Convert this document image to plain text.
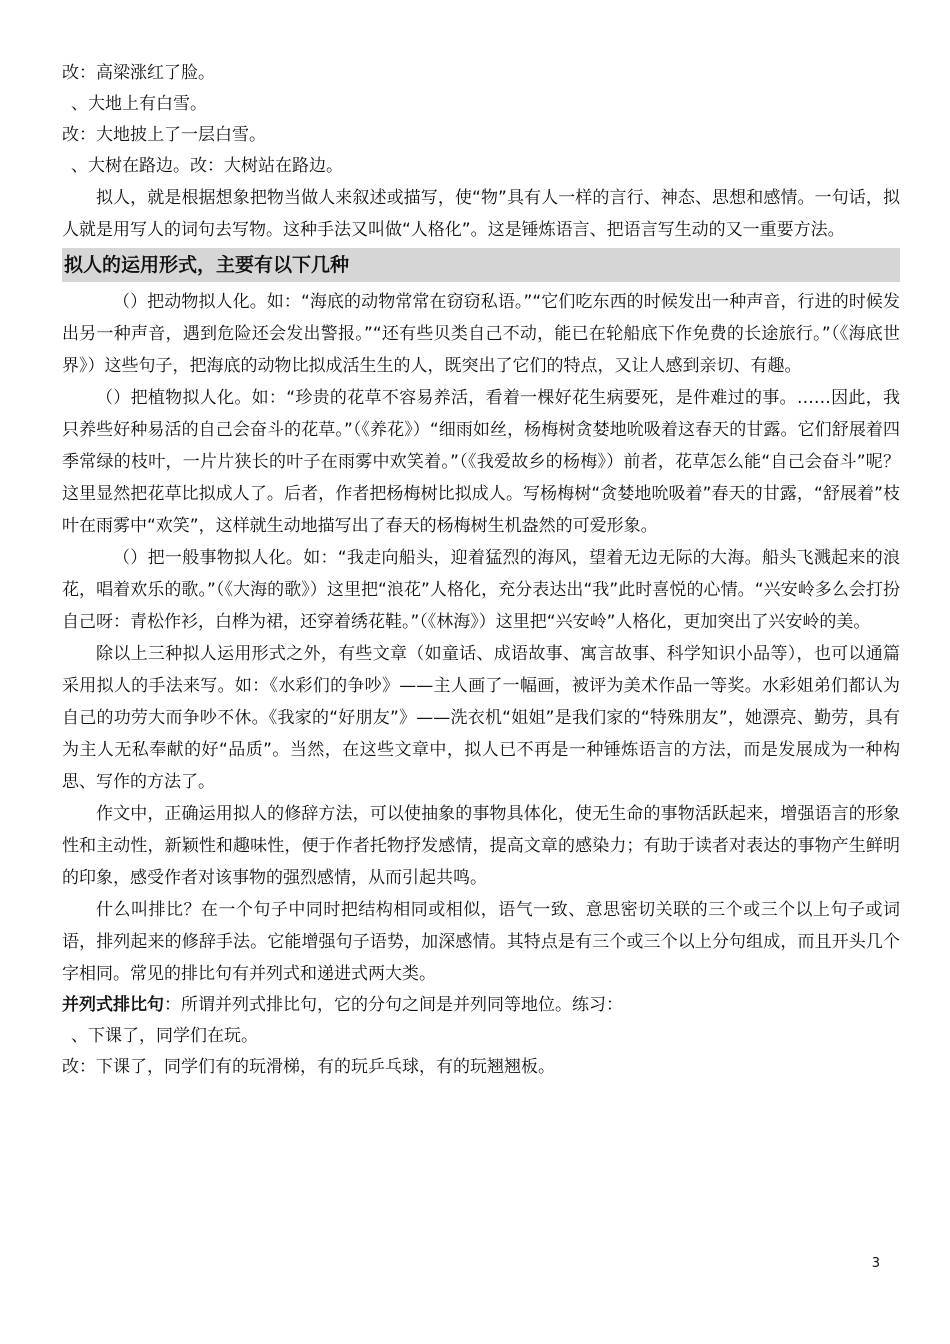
改：高梁涨红了脸。
、大地上有白雪。
改：大地披上了一层白雪。
、大树在路边。改：大树站在路边。
拟人，就是根据想象把物当做人来叙述或描写，使“物”具有人一样的言行、神态、思想和感情。一句话，拟人就是用写人的词句去写物。这种手法又叫做“人格化”。这是锤炼语言、把语言写生动的又一重要方法。
拟人的运用形式，主要有以下几种
（）把动物拟人化。如：“海底的动物常常在窃窃私语。”“它们吃东西的时候发出一种声音，行进的时候发出另一种声音，遇到危险还会发出警报。”“还有些贝类自己不动，能已在轮船底下作免费的长途旅行。”（《海底世界》）这些句子，把海底的动物比拟成活生生的人，既突出了它们的特点，又让人感到亲切、有趣。
（）把植物拟人化。如：“珍贵的花草不容易养活，看着一棵好花生病要死，是件难过的事。……因此，我只养些好种易活的自己会奋斗的花草。”（《养花》）“细雨如丝，杨梅树贪婪地吮吸着这春天的甘露。它们舒展着四季常绿的枝叶，一片片狭长的叶子在雨雾中欢笑着。”（《我爱故乡的杨梅》）前者，花草怎么能“自己会奋斗”呢？这里显然把花草比拟成人了。后者，作者把杨梅树比拟成人。写杨梅树“贪婪地吮吸着”春天的甘露，“舒展着”枝叶在雨雾中“欢笑”，这样就生动地描写出了春天的杨梅树生机盎然的可爱形象。
（）把一般事物拟人化。如：“我走向船头，迎着猛烈的海风，望着无边无际的大海。船头飞溅起来的浪花，唱着欢乐的歌。”（《大海的歌》）这里把“浪花”人格化，充分表达出“我”此时喜悦的心情。“兴安岭多么会打扮自己呀：青松作衫，白桦为裙，还穿着绣花鞋。”（《林海》）这里把“兴安岭”人格化，更加突出了兴安岭的美。
除以上三种拟人运用形式之外，有些文章（如童话、成语故事、寓言故事、科学知识小品等），也可以通篇采用拟人的手法来写。如：《水彩们的争吵》——主人画了一幅画，被评为美术作品一等奖。水彩姐弟们都认为自己的功劳大而争吵不休。《我家的“好朋友”》——洗衣机“姐姐”是我们家的“特殊朋友”，她漂亮、勤劳，具有为主人无私奉献的好“品质”。当然，在这些文章中，拟人已不再是一种锤炼语言的方法，而是发展成为一种构思、写作的方法了。
作文中，正确运用拟人的修辞方法，可以使抽象的事物具体化，使无生命的事物活跃起来，增强语言的形象性和主动性，新颖性和趣味性，便于作者托物抒发感情，提高文章的感染力；有助于读者对表达的事物产生鲜明的印象，感受作者对该事物的强烈感情，从而引起共鸣。
什么叫排比？在一个句子中同时把结构相同或相似，语气一致、意思密切关联的三个或三个以上句子或词语，排列起来的修辞手法。它能增强句子语势，加深感情。其特点是有三个或三个以上分句组成，而且开头几个字相同。常见的排比句有并列式和递进式两大类。
并列式排比句：所谓并列式排比句，它的分句之间是并列同等地位。练习：
、下课了，同学们在玩。
改：下课了，同学们有的玩滑梯，有的玩乒乓球，有的玩翘翘板。
3
